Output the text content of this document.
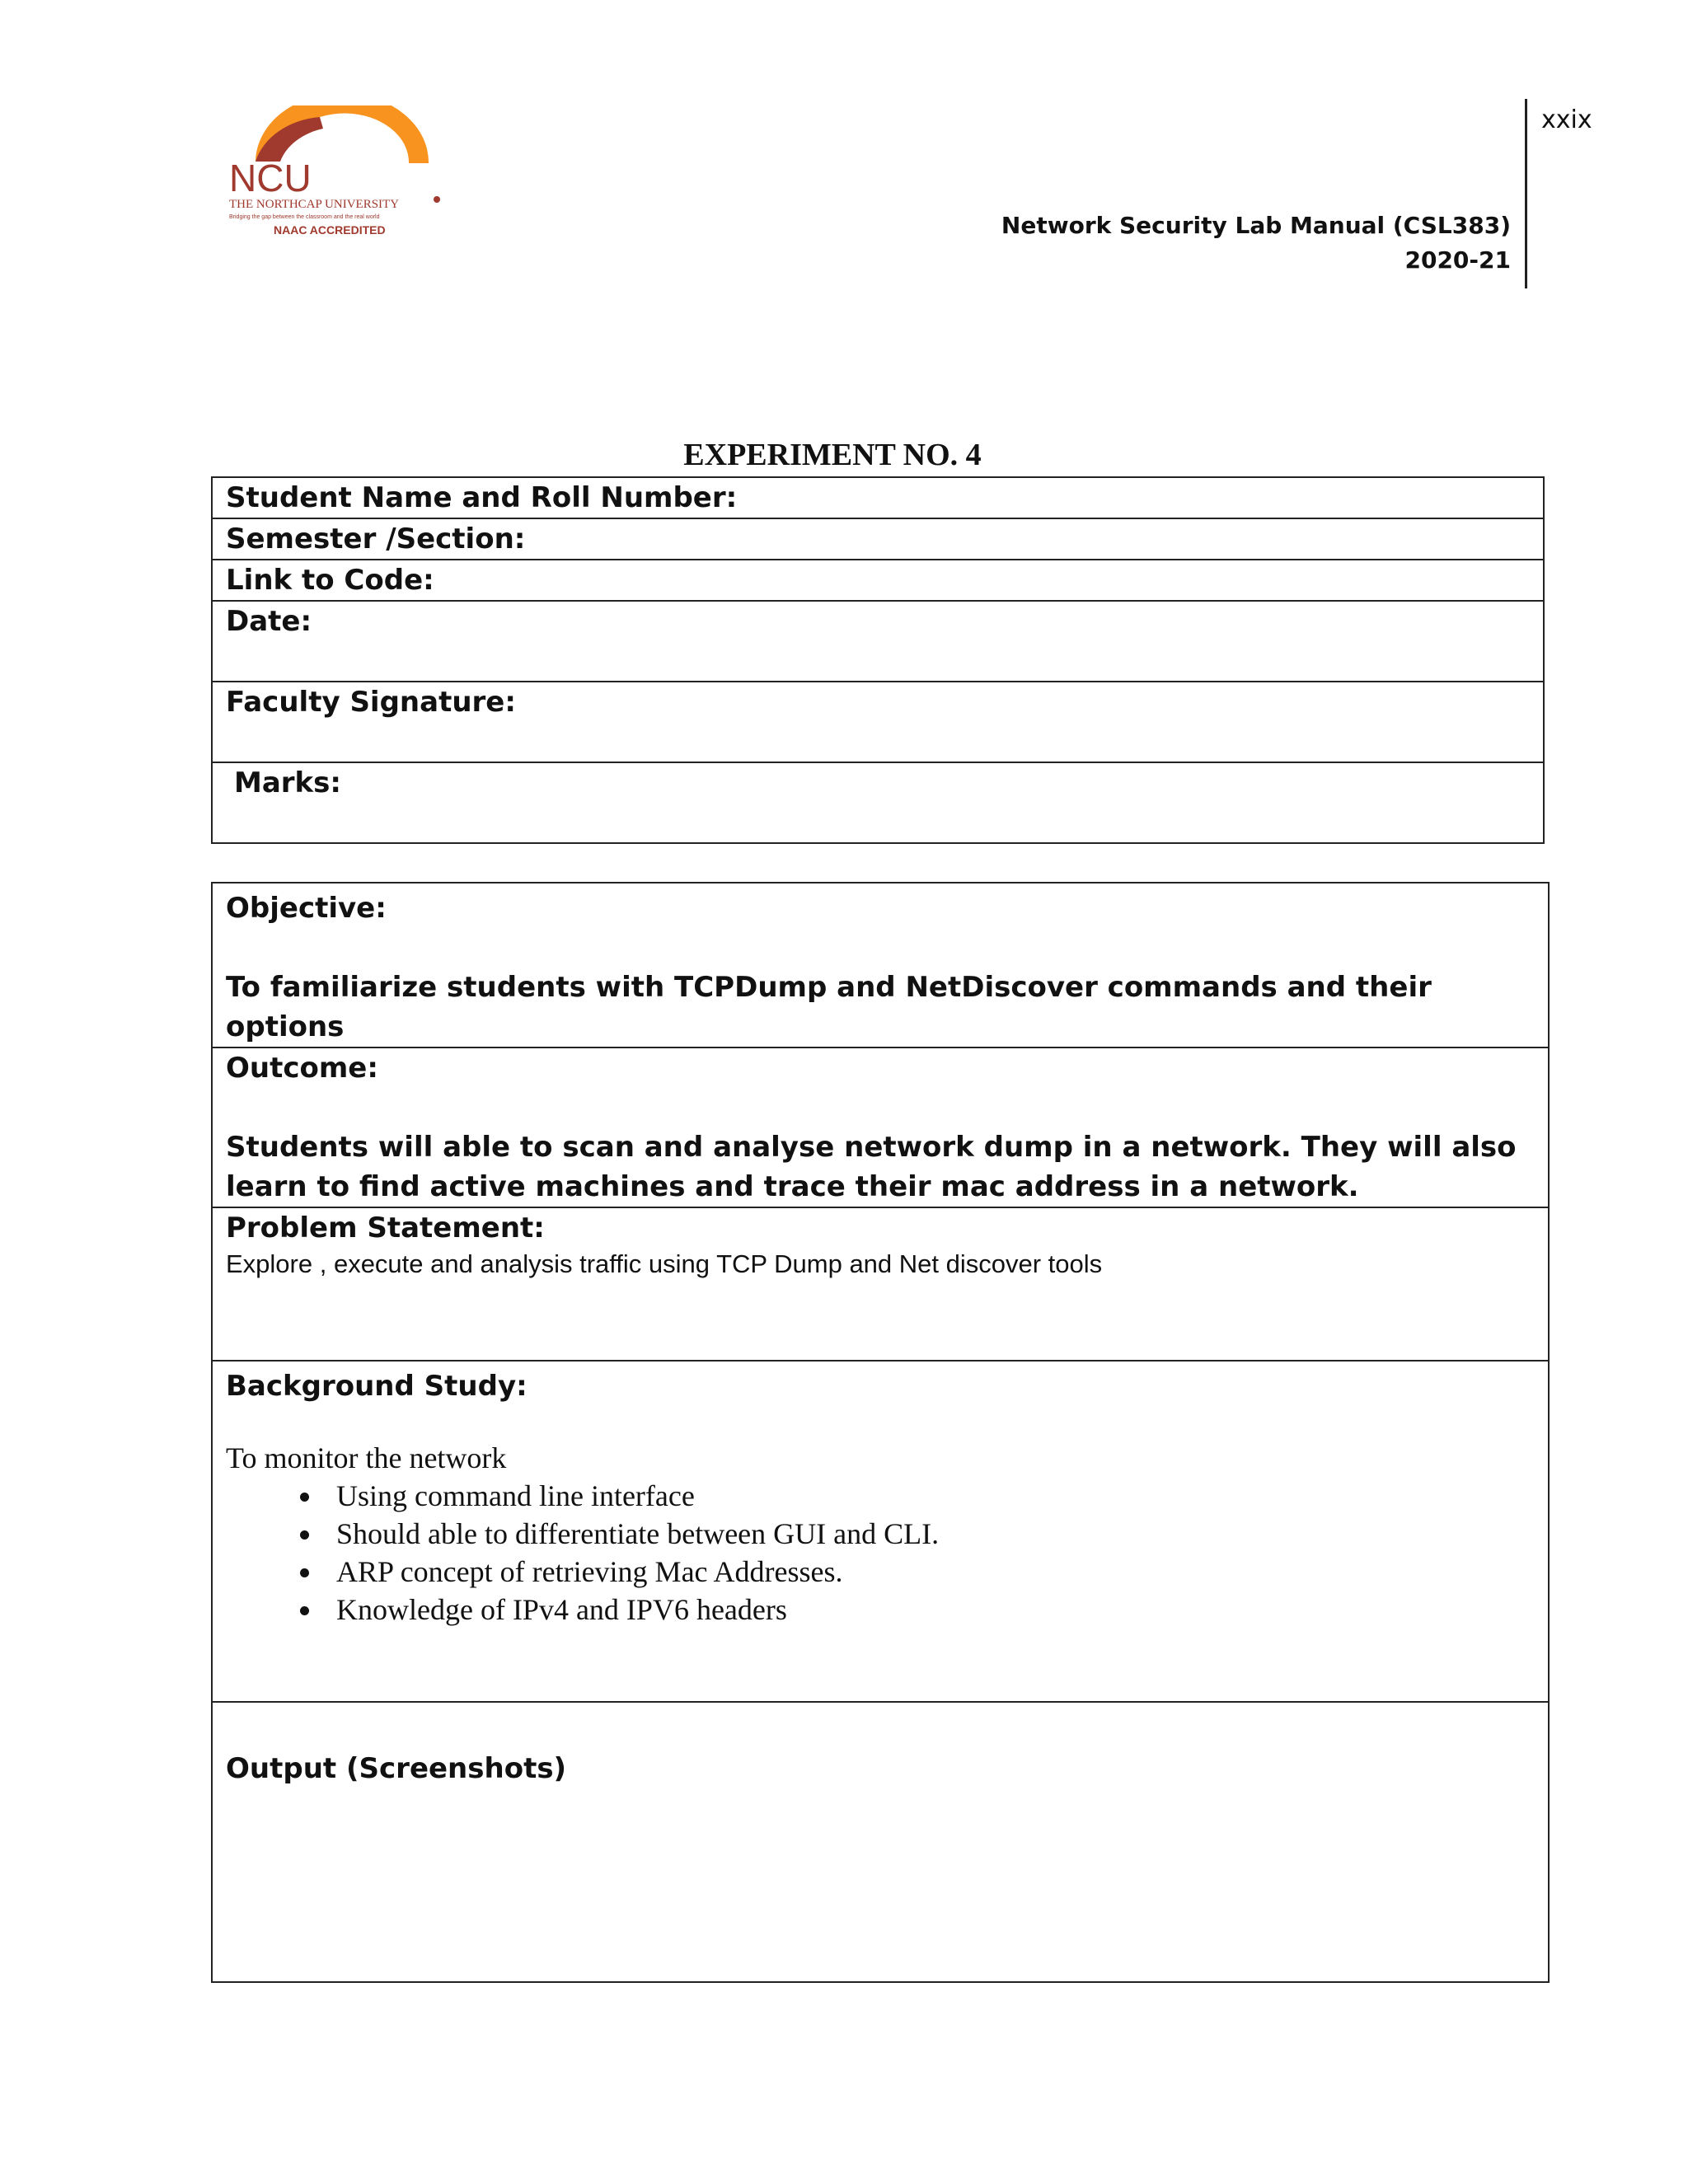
xxix
Network Security Lab Manual (CSL383)
2020-21
NCU
THE NORTHCAP UNIVERSITY
Bridging the gap between the classroom and the real world
NAAC ACCREDITED
EXPERIMENT NO. 4
Student Name and Roll Number:
Semester /Section:
Link to Code:
Date:
Faculty Signature:
Marks:
Objective:
To familiarize students with TCPDump and NetDiscover commands and their options

Outcome:
Students will able to scan and analyse network dump in a network. They will also learn to find active machines and trace their mac address in a network.

Problem Statement:
Explore , execute and analysis traffic using TCP Dump and Net discover tools

Background Study:
To monitor the network
• Using command line interface
• Should able to differentiate between GUI and CLI.
• ARP concept of retrieving Mac Addresses.
• Knowledge of IPv4 and IPV6 headers

Output (Screenshots)
